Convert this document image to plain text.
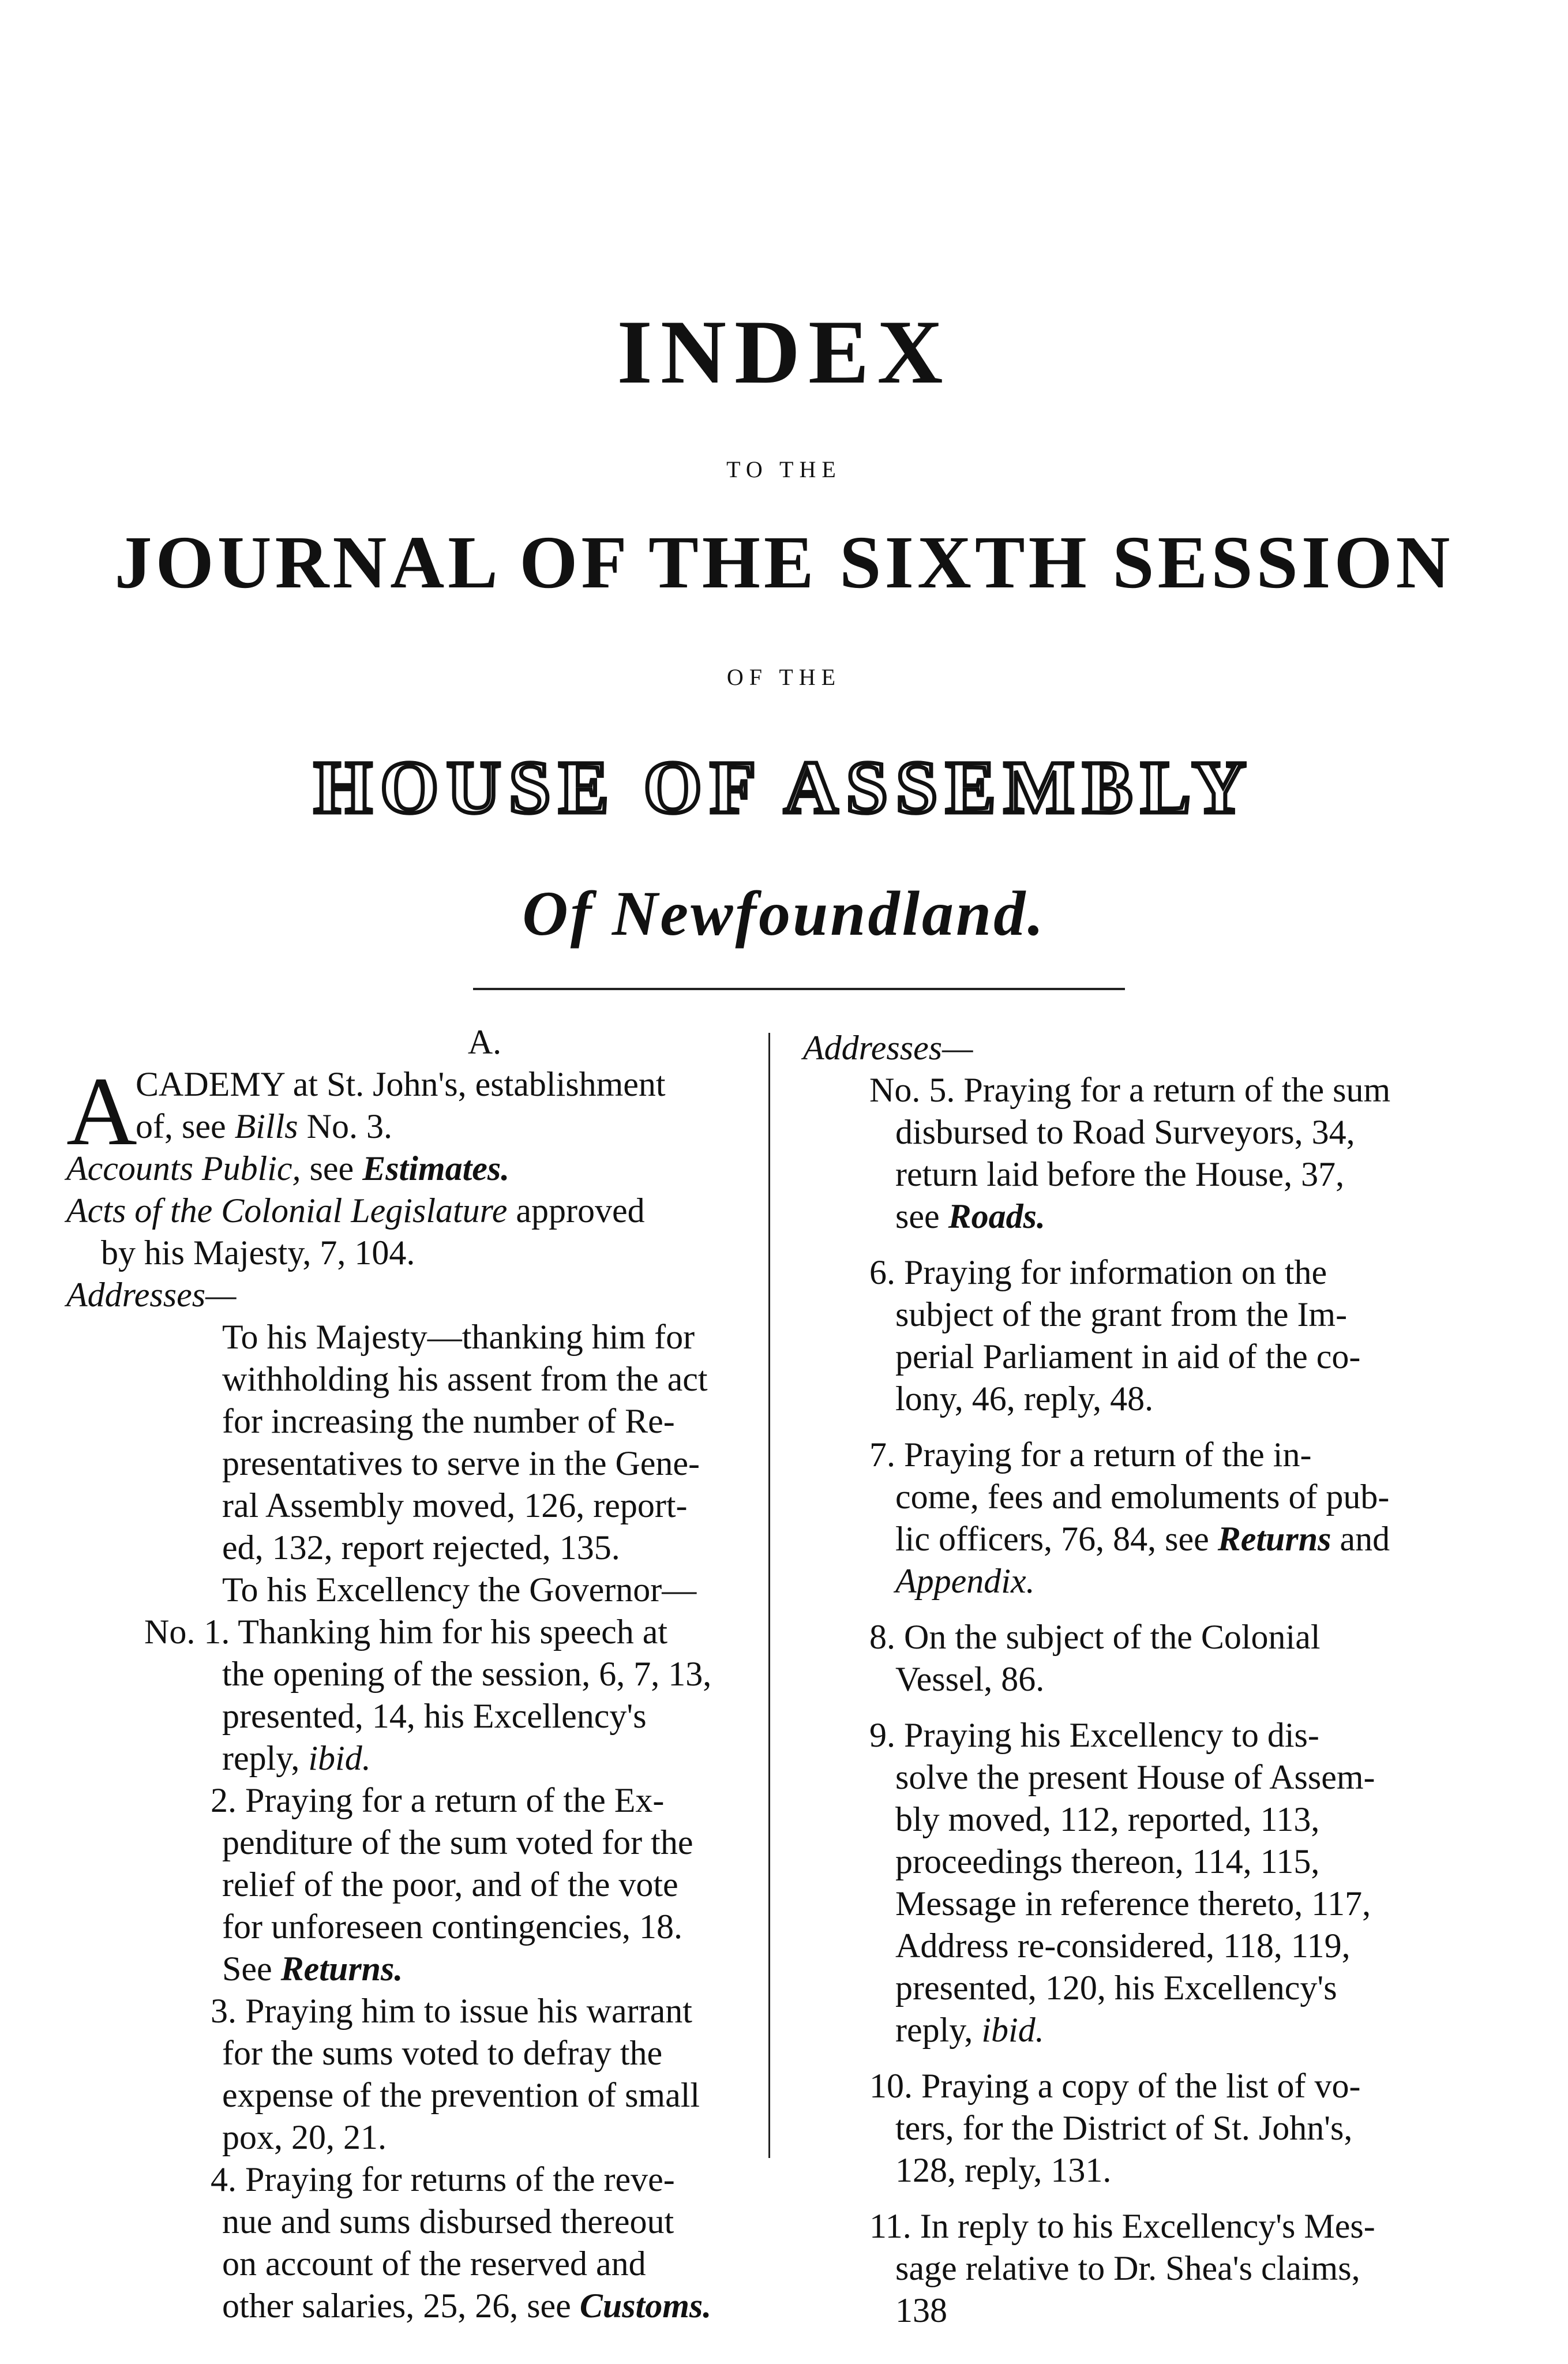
INDEX
TO THE
JOURNAL OF THE SIXTH SESSION
OF THE
HOUSE OF ASSEMBLY
Of Newfoundland.
A.
A
CADEMY at St. John's, establishment
of, see Bills No. 3.
Accounts Public, see Estimates.
Acts of the Colonial Legislature approved
by his Majesty, 7, 104.
Addresses—
To his Majesty—thanking him for
withholding his assent from the act
for increasing the number of Re-
presentatives to serve in the Gene-
ral Assembly moved, 126, report-
ed, 132, report rejected, 135.
To his Excellency the Governor—
No. 1. Thanking him for his speech at
the opening of the session, 6, 7, 13,
presented, 14, his Excellency's
reply, ibid.
2. Praying for a return of the Ex-
penditure of the sum voted for the
relief of the poor, and of the vote
for unforeseen contingencies, 18.
See Returns.
3. Praying him to issue his warrant
for the sums voted to defray the
expense of the prevention of small
pox, 20, 21.
4. Praying for returns of the reve-
nue and sums disbursed thereout
on account of the reserved and
other salaries, 25, 26, see Customs.
Addresses—
No. 5. Praying for a return of the sum
disbursed to Road Surveyors, 34,
return laid before the House, 37,
see Roads.
6. Praying for information on the
subject of the grant from the Im-
perial Parliament in aid of the co-
lony, 46, reply, 48.
7. Praying for a return of the in-
come, fees and emoluments of pub-
lic officers, 76, 84, see Returns and
Appendix.
8. On the subject of the Colonial
Vessel, 86.
9. Praying his Excellency to dis-
solve the present House of Assem-
bly moved, 112, reported, 113,
proceedings thereon, 114, 115,
Message in reference thereto, 117,
Address re-considered, 118, 119,
presented, 120, his Excellency's
reply, ibid.
10. Praying a copy of the list of vo-
ters, for the District of St. John's,
128, reply, 131.
11. In reply to his Excellency's Mes-
sage relative to Dr. Shea's claims,
138
